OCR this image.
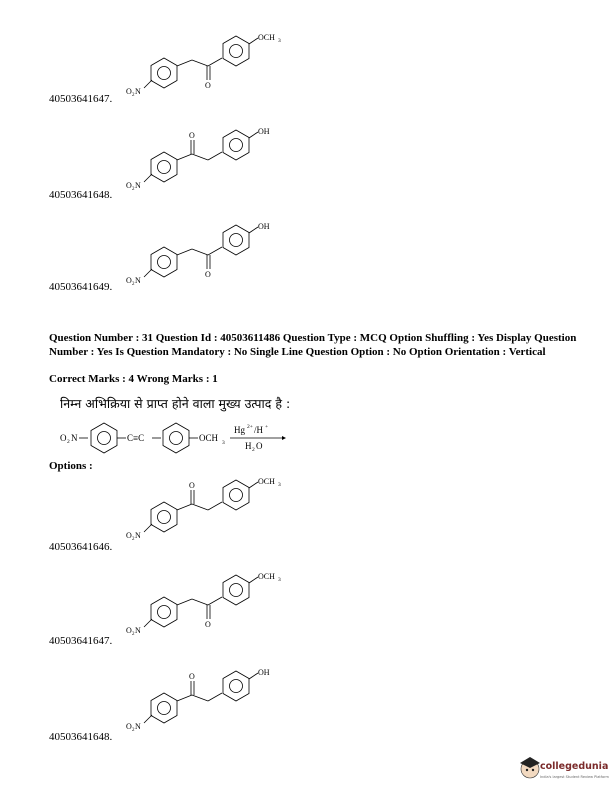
O
OCH 3
O 2 N
O	OH
O 2 N
O
OH
O 2 N
O 2 N	C≡C	OCH 3
Hg 2+ /H +
H 2 O
O	OCH 3
O 2 N
O
OCH 3
O 2 N
O	OH
O 2 N
40503641647.
40503641648.
40503641649.
Question Number : 31 Question Id : 40503611486 Question Type : MCQ Option Shuffling : Yes Display Question Number : Yes Is Question Mandatory : No Single Line Question Option : No Option Orientation : Vertical
Correct Marks : 4 Wrong Marks : 1
निम्न अभिक्रिया से प्राप्त होने वाला मुख्य उत्पाद है :
Options :
40503641646.
40503641647.
40503641648.
collegedunia
India's largest Student Review Platform
